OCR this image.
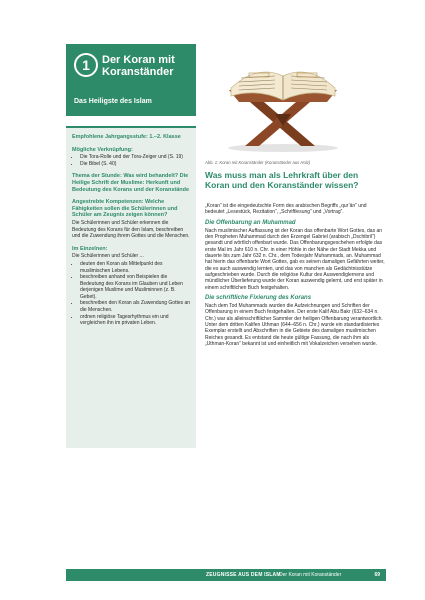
1	Der Koran mit Koranständer
Das Heiligste des Islam
Empfohlene Jahrgangsstufe: 1.–2. Klasse
Mögliche Verknüpfung:
• Die Tora-Rolle und der Tora-Zeiger und (S. 19)
• Die Bibel (S. 40)
Thema der Stunde: Was wird behandelt? Die Heilige Schrift der Muslime: Herkunft und Bedeutung des Korans und der Koranstände
Angestrebte Kompetenzen: Welche Fähigkeiten sollen die Schülerinnen und Schüler am Zeugnis zeigen können?

Die Schülerinnen und Schüler erkennen die Bedeutung des Korans für den Islam, beschreiben und die Zuwendung ihrem Gottes und die Menschen.

Im Einzelnen:

Die Schülerinnen und Schüler ...

• deuten den Koran als Mittelpunkt des muslimischen Lebens.
• beschreiben anhand von Beispielen die Bedeutung des Korans im Glauben und Leben derjenigen Muslime und Musliminnen (z. B. Gebet).
• beschreiben den Koran als Zuwendung Gottes an die Menschen.
• ordnen religiöse Tagesrhythmus ein und vergleichen ihn im privaten Leben.
Abb. 1: Koran mit Koranständer (Koranständer aus Holz)
Was muss man als Lehrkraft über den Koran und den Koranständer wissen?

„Koran“ ist die eingedeutschte Form des arabischen Begriffs „qur’ān“ und bedeutet „Lesestück, Rezitation“, „Schriftlesung“ und „Vortrag“.

Die Offenbarung an Muhammad

Nach muslimischer Auffassung ist der Koran das offenbarte Wort Gottes, das an den Propheten Muhammad durch den Erzengel Gabriel (arabisch „Dschibril“) gesandt und wörtlich offenbart wurde. Das Offenbarungsgeschehen erfolgte das erste Mal im Jahr 610 n. Chr. in einer Höhle in der Nähe der Stadt Mekka und dauerte bis zum Jahr 632 n. Chr., dem Todesjahr Muhammads, an. Muhammad hat hierin das offenbarte Wort Gottes, gab es seinen damaligen Gefährten weiter, die es auch auswendig lernten, und das von manchen als Gedächtnisstütze aufgeschrieben wurde. Durch die religiöse Kultur des Auswendiglernens und mündlicher Überlieferung wurde der Koran auswendig gelernt, und erst später in einem schriftlichen Buch festgehalten.

Die schriftliche Fixierung des Korans

Nach dem Tod Muhammads wurden die Aufzeichnungen und Schriften der Offenbarung in einem Buch festgehalten. Der erste Kalif Abu Bakr (632–634 n. Chr.) war als alleinschriftlicher Sammler der heiligen Offenbarung verantwortlich. Unter dem dritten Kalifen Uthman (644–656 n. Chr.) wurde ein standardisiertes Exemplar erstellt und Abschriften in die Gebiete des damaligen muslimischen Reiches gesandt. Es entstand die heute gültige Fassung, die nach ihm als „Uthman-Koran“ bekannt ist und einheitlich mit Vokalzeichen versehen wurde.

ZEUGNISSE AUS DEM ISLAM
Der Koran mit Koranständer	69
